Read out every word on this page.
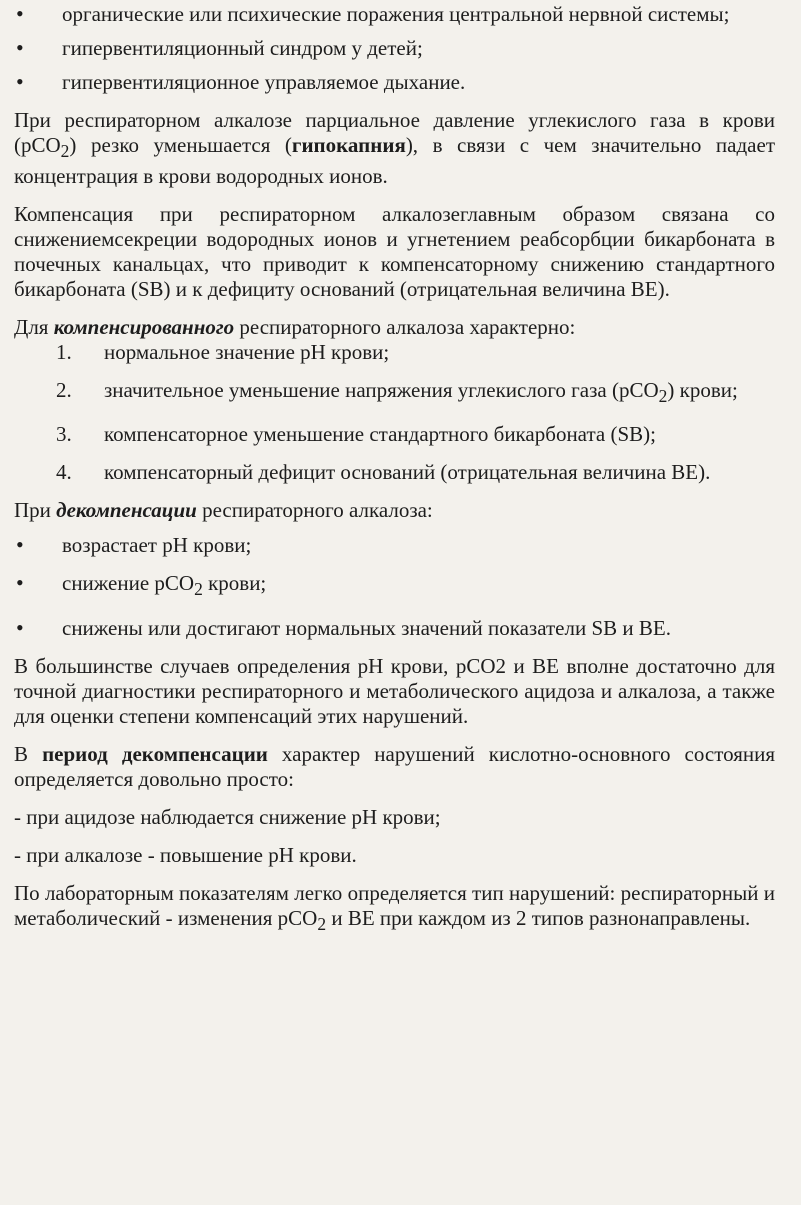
органические или психические поражения центральной нервной системы;
гипервентиляционный синдром у детей;
гипервентиляционное управляемое дыхание.

При респираторном алкалозе парциальное давление углекислого газа в крови (рСО$_2$) резко уменьшается (гипокапния), в связи с чем значительно падает концентрация в крови водородных ионов.

Компенсация при респираторном алкалозеглавным образом связана со снижениемсекреции водородных ионов и угнетением реабсорбции бикарбоната в почечных канальцах, что приводит к компенсаторному снижению стандартного бикарбоната (SB) и к дефициту оснований (отрицательная величина ВЕ).

Для компенсированного респираторного алкалоза характерно:

1. нормальное значение рН крови;
2. значительное уменьшение напряжения углекислого газа (рСО$_2$) крови;
3. компенсаторное уменьшение стандартного бикарбоната (SB);
4. компенсаторный дефицит оснований (отрицательная величина ВЕ).

При декомпенсации респираторного алкалоза:

возрастает рН крови;
снижение рСО$_2$ крови;
снижены или достигают нормальных значений показатели SB и ВЕ.

В большинстве случаев определения рН крови, рСО2 и ВЕ вполне достаточно для точной диагностики респираторного и метаболического ацидоза и алкалоза, а также для оценки степени компенсаций этих нарушений.

В период декомпенсации характер нарушений кислотно-основного состояния определяется довольно просто:

- при ацидозе наблюдается снижение рН крови;

- при алкалозе - повышение рН крови.

По лабораторным показателям легко определяется тип нарушений: респираторный и метаболический - изменения рСО$_2$ и ВЕ при каждом из 2 типов разнонаправлены.
